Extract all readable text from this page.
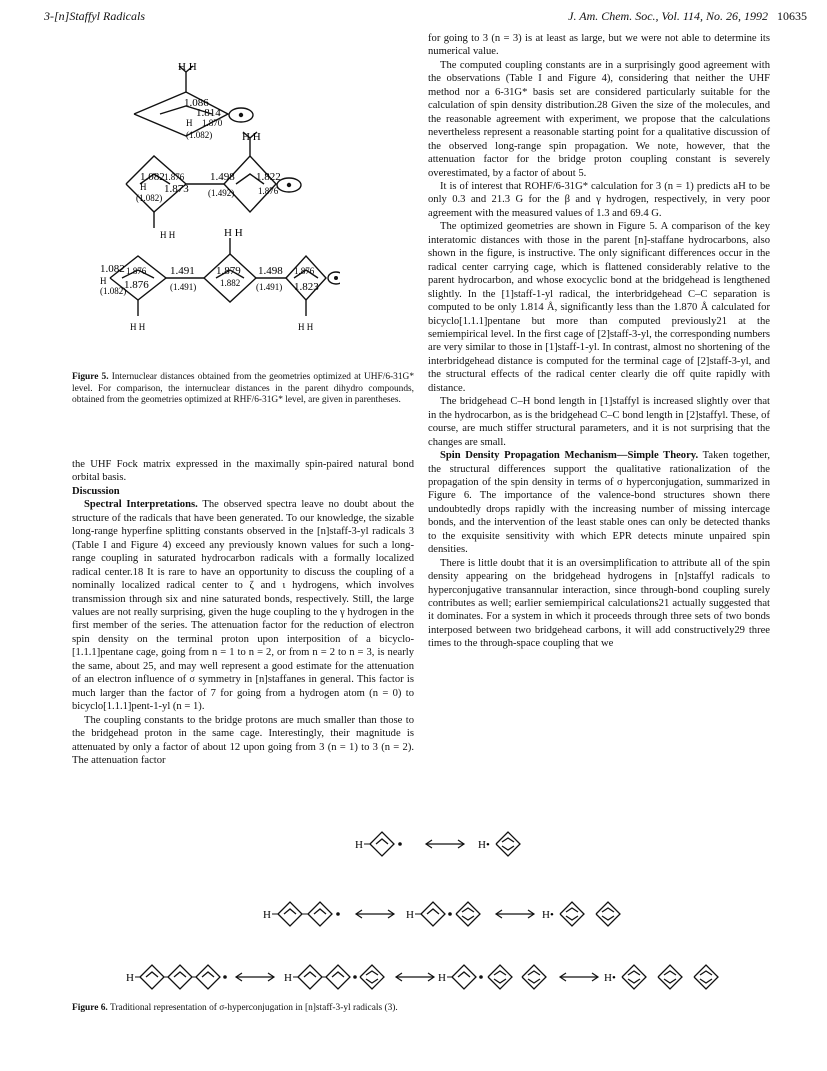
3-[n]Staffyl Radicals	J. Am. Chem. Soc., Vol. 114, No. 26, 1992 10635
H H
1.086
1.814
1.870
H
(1.082)	H H
1.082 1.876
H 1.873
(1.082)
1.498
(1.492)
1.822
1.876
H H	H H
1.082 1.876
H 1.876
(1.082)
1.491
(1.491)
1.879
1.882
1.498
(1.491)
1.876
1.823
H H	H H
Figure 5. Internuclear distances obtained from the geometries optimized at UHF/6-31G* level. For comparison, the internuclear distances in the parent dihydro compounds, obtained from the geometries optimized at RHF/6-31G* level, are given in parentheses.

the UHF Fock matrix expressed in the maximally spin-paired natural bond orbital basis.

Discussion

Spectral Interpretations. The observed spectra leave no doubt about the structure of the radicals that have been generated. To our knowledge, the sizable long-range hyperfine splitting constants observed in the [n]staff-3-yl radicals 3 (Table I and Figure 4) exceed any previously known values for such a long-range coupling in saturated hydrocarbon radicals with a formally localized radical center.18 It is rare to have an opportunity to discuss the coupling of a nominally localized radical center to ζ and ι hydrogens, which involves transmission through six and nine saturated bonds, respectively. Still, the large values are not really surprising, given the huge coupling to the γ hydrogen in the first member of the series. The attenuation factor for the reduction of electron spin density on the terminal proton upon interposition of a bicyclo-[1.1.1]pentane cage, going from n = 1 to n = 2, or from n = 2 to n = 3, is nearly the same, about 25, and may well represent a good estimate for the attenuation of an electron influence of σ symmetry in [n]staffanes in general. This factor is much larger than the factor of 7 for going from a hydrogen atom (n = 0) to bicyclo[1.1.1]pent-1-yl (n = 1).

The coupling constants to the bridge protons are much smaller than those to the bridgehead proton in the same cage. Interestingly, their magnitude is attenuated by only a factor of about 12 upon going from 3 (n = 1) to 3 (n = 2). The attenuation factor

for going to 3 (n = 3) is at least as large, but we were not able to determine its numerical value.

The computed coupling constants are in a surprisingly good agreement with the observations (Table I and Figure 4), considering that neither the UHF method nor a 6-31G* basis set are considered particularly suitable for the calculation of spin density distribution.28 Given the size of the molecules, and the reasonable agreement with experiment, we propose that the calculations nevertheless represent a reasonable starting point for a qualitative discussion of the observed long-range spin propagation. We note, however, that the attenuation factor for the bridge proton coupling constant is severely overestimated, by a factor of about 5.

It is of interest that ROHF/6-31G* calculation for 3 (n = 1) predicts aH to be only 0.3 and 21.3 G for the β and γ hydrogen, respectively, in very poor agreement with the measured values of 1.3 and 69.4 G.

The optimized geometries are shown in Figure 5. A comparison of the key interatomic distances with those in the parent [n]-staffane hydrocarbons, also shown in the figure, is instructive. The only significant differences occur in the radical center carrying cage, which is flattened considerably relative to the parent hydrocarbon, and whose exocyclic bond at the bridgehead is lengthened slightly. In the [1]staff-1-yl radical, the interbridgehead C–C separation is computed to be only 1.814 Å, significantly less than the 1.870 Å calculated for bicyclo[1.1.1]pentane but more than computed previously21 at the semiempirical level. In the first cage of [2]staff-3-yl, the corresponding numbers are very similar to those in [1]staff-1-yl. In contrast, almost no shortening of the interbridgehead distance is computed for the terminal cage of [2]staff-3-yl, and the structural effects of the radical center clearly die off quite rapidly with distance.

The bridgehead C–H bond length in [1]staffyl is increased slightly over that in the hydrocarbon, as is the bridgehead C–C bond length in [2]staffyl. These, of course, are much stiffer structural parameters, and it is not surprising that the changes are small.

Spin Density Propagation Mechanism—Simple Theory. Taken together, the structural differences support the qualitative rationalization of the propagation of the spin density in terms of σ hyperconjugation, summarized in Figure 6. The importance of the valence-bond structures shown there undoubtedly drops rapidly with the increasing number of missing intercage bonds, and the intervention of the least stable ones can only be detected thanks to the exquisite sensitivity with which EPR detects minute unpaired spin densities.

There is little doubt that it is an oversimplification to attribute all of the spin density appearing on the bridgehead hydrogens in [n]staffyl radicals to hyperconjugative transannular interaction, since through-bond coupling surely contributes as well; earlier semiempirical calculations21 actually suggested that it dominates. For a system in which it proceeds through three sets of two bonds interposed between two bridgehead carbons, it will add constructively29 three times to the through-space coupling that we

H	H•
H	H	H•
H	H	H	H•
Figure 6. Traditional representation of σ-hyperconjugation in [n]staff-3-yl radicals (3).
